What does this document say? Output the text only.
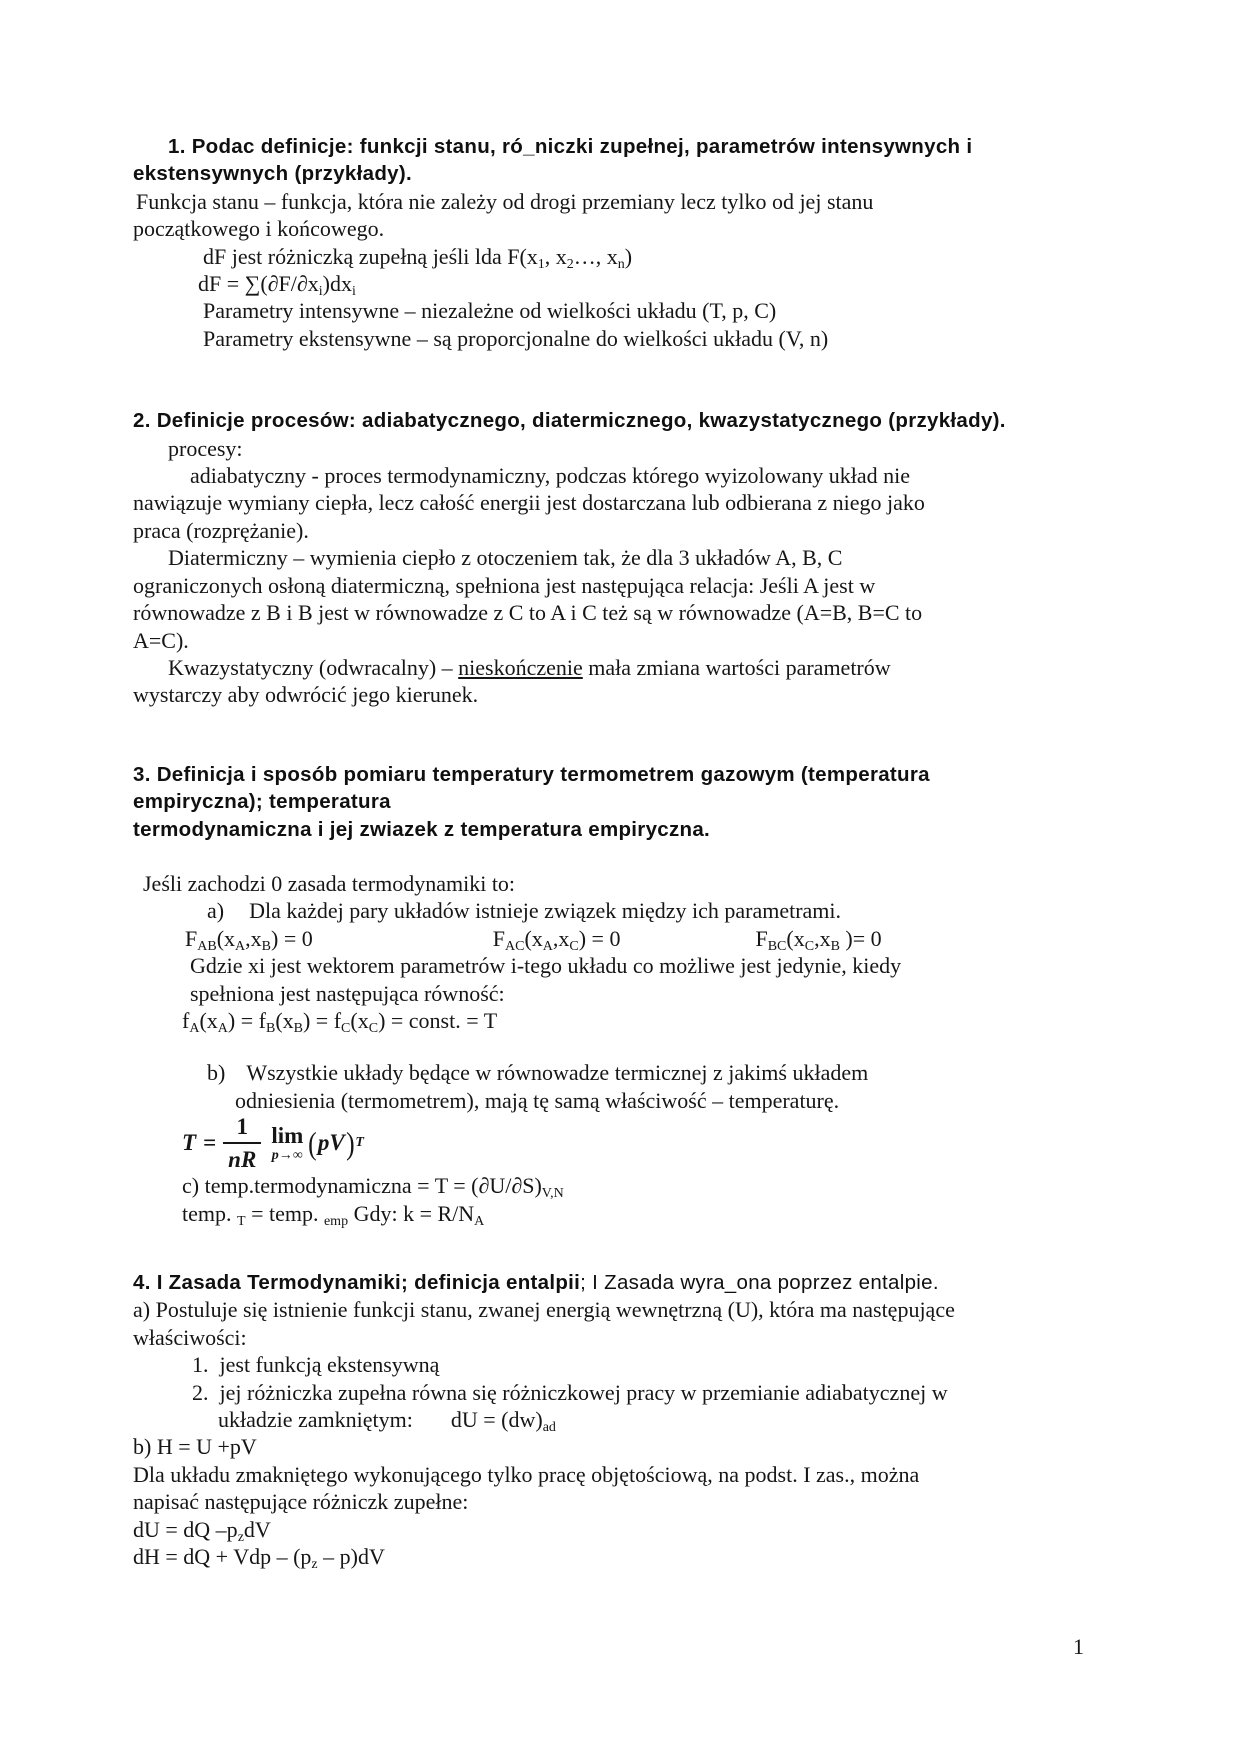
1. Podac definicje: funkcji stanu, ró_niczki zupełnej, parametrów intensywnych i

ekstensywnych (przykłady).

Funkcja stanu – funkcja, która nie zależy od drogi przemiany lecz tylko od jej stanu

początkowego i końcowego.

dF jest różniczką zupełną jeśli lda $F(x_1$, $x_2\dots$, $x_n$)

dF = $\sum(\partial F/\partial x_i)dx_i$

Parametry intensywne – niezależne od wielkości układu (T, p, C)

Parametry ekstensywne – są proporcjonalne do wielkości układu (V, n)

2. Definicje procesów: adiabatycznego, diatermicznego, kwazystatycznego (przykłady).

procesy:

adiabatyczny - proces termodynamiczny, podczas którego wyizolowany układ nie

nawiązuje wymiany ciepła, lecz całość energii jest dostarczana lub odbierana z niego jako

praca (rozprężanie).

Diatermiczny – wymienia ciepło z otoczeniem tak, że dla 3 układów A, B, C

ograniczonych osłoną diatermiczną, spełniona jest następująca relacja: Jeśli A jest w

równowadze z B i B jest w równowadze z C to A i C też są w równowadze (A=B, B=C to

A=C).

Kwazystatyczny (odwracalny) – nieskończenie mała zmiana wartości parametrów

wystarczy aby odwrócić jego kierunek.

3. Definicja i sposób pomiaru temperatury termometrem gazowym (temperatura

empiryczna); temperatura

termodynamiczna i jej zwiazek z temperatura empiryczna.

Jeśli zachodzi 0 zasada termodynamiki to:

a) Dla każdej pary układów istnieje związek między ich parametrami.

$F_{AB}(x_A,x_B) = 0$	$F_{AC}(x_A,x_C) = 0$	$F_{BC}(x_C,x_B$ )= 0

Gdzie xi jest wektorem parametrów i-tego układu co możliwe jest jedynie, kiedy

spełniona jest następująca równość:

$f_A(x_A) = f_B(x_B) = f_C(x_C)$ = const. = T

b) Wszystkie układy będące w równowadze termicznej z jakimś układem

odniesienia (termometrem), mają tę samą właściwość – temperaturę.

$T = \frac{1}{nR}$ lim
p→∞ ( pV ) T

c) temp.termodynamiczna = $T = (\partial U/\partial S)_{V,N}$

temp. $_T$ = temp. $_{emp}$ Gdy: $k = R/N_A$

4. I Zasada Termodynamiki; definicja entalpii; I Zasada wyra_ona poprzez entalpie.

a) Postuluje się istnienie funkcji stanu, zwanej energią wewnętrzną (U), która ma następujące

właściwości:

1. jest funkcją ekstensywną

2. jej różniczka zupełna równa się różniczkowej pracy w przemianie adiabatycznej w

układzie zamkniętym: dU = $(dw)_{ad}$

b) H = U +pV

Dla układu zmakniętego wykonującego tylko pracę objętościową, na podst. I zas., można

napisać następujące różniczk zupełne:

dU = dQ $-p_zdV$

dH = dQ + Vdp – $(p_z - p)dV$

1
